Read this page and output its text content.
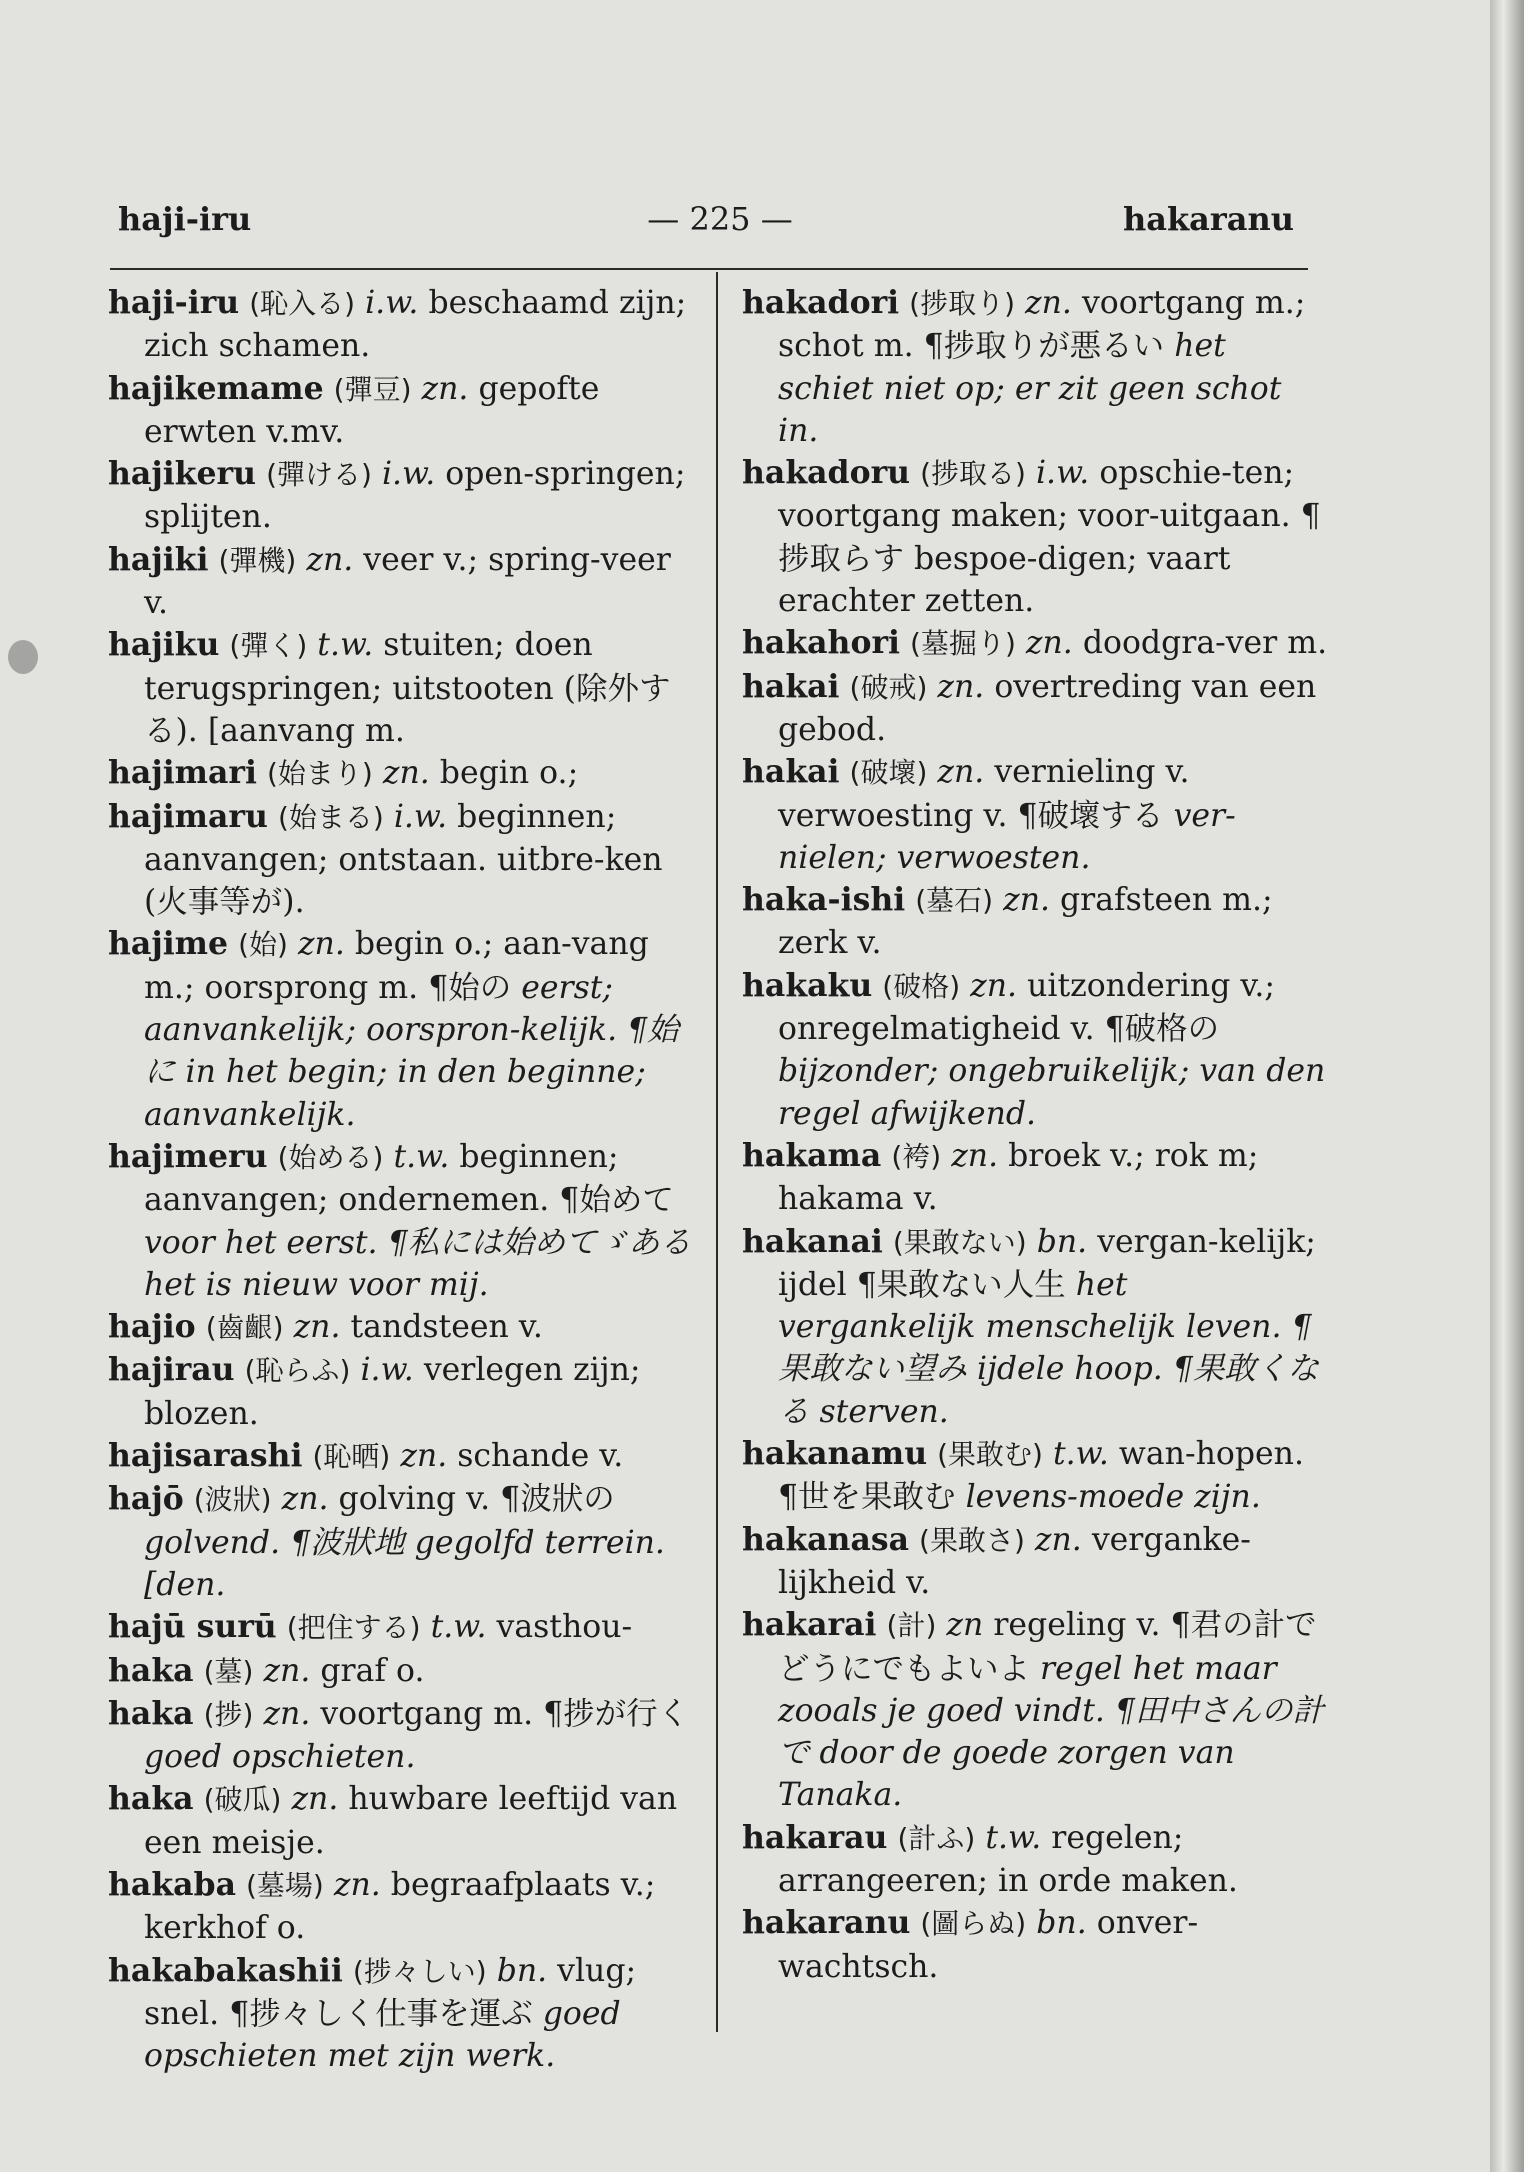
haji-iru	— 225 —	hakaranu

haji-iru (恥入る) i.w. beschaamd zijn; zich schamen.

hajikemame (彈豆) zn. gepofte erwten v.mv.

hajikeru (彈ける) i.w. open-springen; splijten.

hajiki (彈機) zn. veer v.; spring-veer v.

hajiku (彈く) t.w. stuiten; doen terugspringen; uitstooten (除外する). [aanvang m.

hajimari (始まり) zn. begin o.;

hajimaru (始まる) i.w. beginnen; aanvangen; ontstaan. uitbre-ken (火事等が).

hajime (始) zn. begin o.; aan-vang m.; oorsprong m. ¶始の eerst; aanvankelijk; oorspron-kelijk. ¶始に in het begin; in den beginne; aanvankelijk.

hajimeru (始める) t.w. beginnen; aanvangen; ondernemen. ¶始めて voor het eerst. ¶私には始めてゞある het is nieuw voor mij.

hajio (齒齦) zn. tandsteen v.

hajirau (恥らふ) i.w. verlegen zijn; blozen.

hajisarashi (恥晒) zn. schande v.

hajō (波狀) zn. golving v. ¶波狀の golvend. ¶波狀地 gegolfd terrein. [den.

hajū surū (把住する) t.w. vasthou-

haka (墓) zn. graf o.

haka (捗) zn. voortgang m. ¶捗が行く goed opschieten.

haka (破瓜) zn. huwbare leeftijd van een meisje.

hakaba (墓場) zn. begraafplaats v.; kerkhof o.

hakabakashii (捗々しい) bn. vlug; snel. ¶捗々しく仕事を運ぶ goed opschieten met zijn werk.

hakadori (捗取り) zn. voortgang m.; schot m. ¶捗取りが悪るい het schiet niet op; er zit geen schot in.

hakadoru (捗取る) i.w. opschie-ten; voortgang maken; voor-uitgaan. ¶捗取らす bespoe-digen; vaart erachter zetten.

hakahori (墓掘り) zn. doodgra-ver m.

hakai (破戒) zn. overtreding van een gebod.

hakai (破壞) zn. vernieling v. verwoesting v. ¶破壞する ver-nielen; verwoesten.

haka-ishi (墓石) zn. grafsteen m.; zerk v.

hakaku (破格) zn. uitzondering v.; onregelmatigheid v. ¶破格の bijzonder; ongebruikelijk; van den regel afwijkend.

hakama (袴) zn. broek v.; rok m; hakama v.

hakanai (果敢ない) bn. vergan-kelijk; ijdel ¶果敢ない人生 het vergankelijk menschelijk leven. ¶果敢ない望み ijdele hoop. ¶果敢くなる sterven.

hakanamu (果敢む) t.w. wan-hopen. ¶世を果敢む levens-moede zijn.

hakanasa (果敢さ) zn. verganke-lijkheid v.

hakarai (計) zn regeling v. ¶君の計でどうにでもよいよ regel het maar zooals je goed vindt. ¶田中さんの計で door de goede zorgen van Tanaka.

hakarau (計ふ) t.w. regelen; arrangeeren; in orde maken.

hakaranu (圖らぬ) bn. onver-wachtsch.
